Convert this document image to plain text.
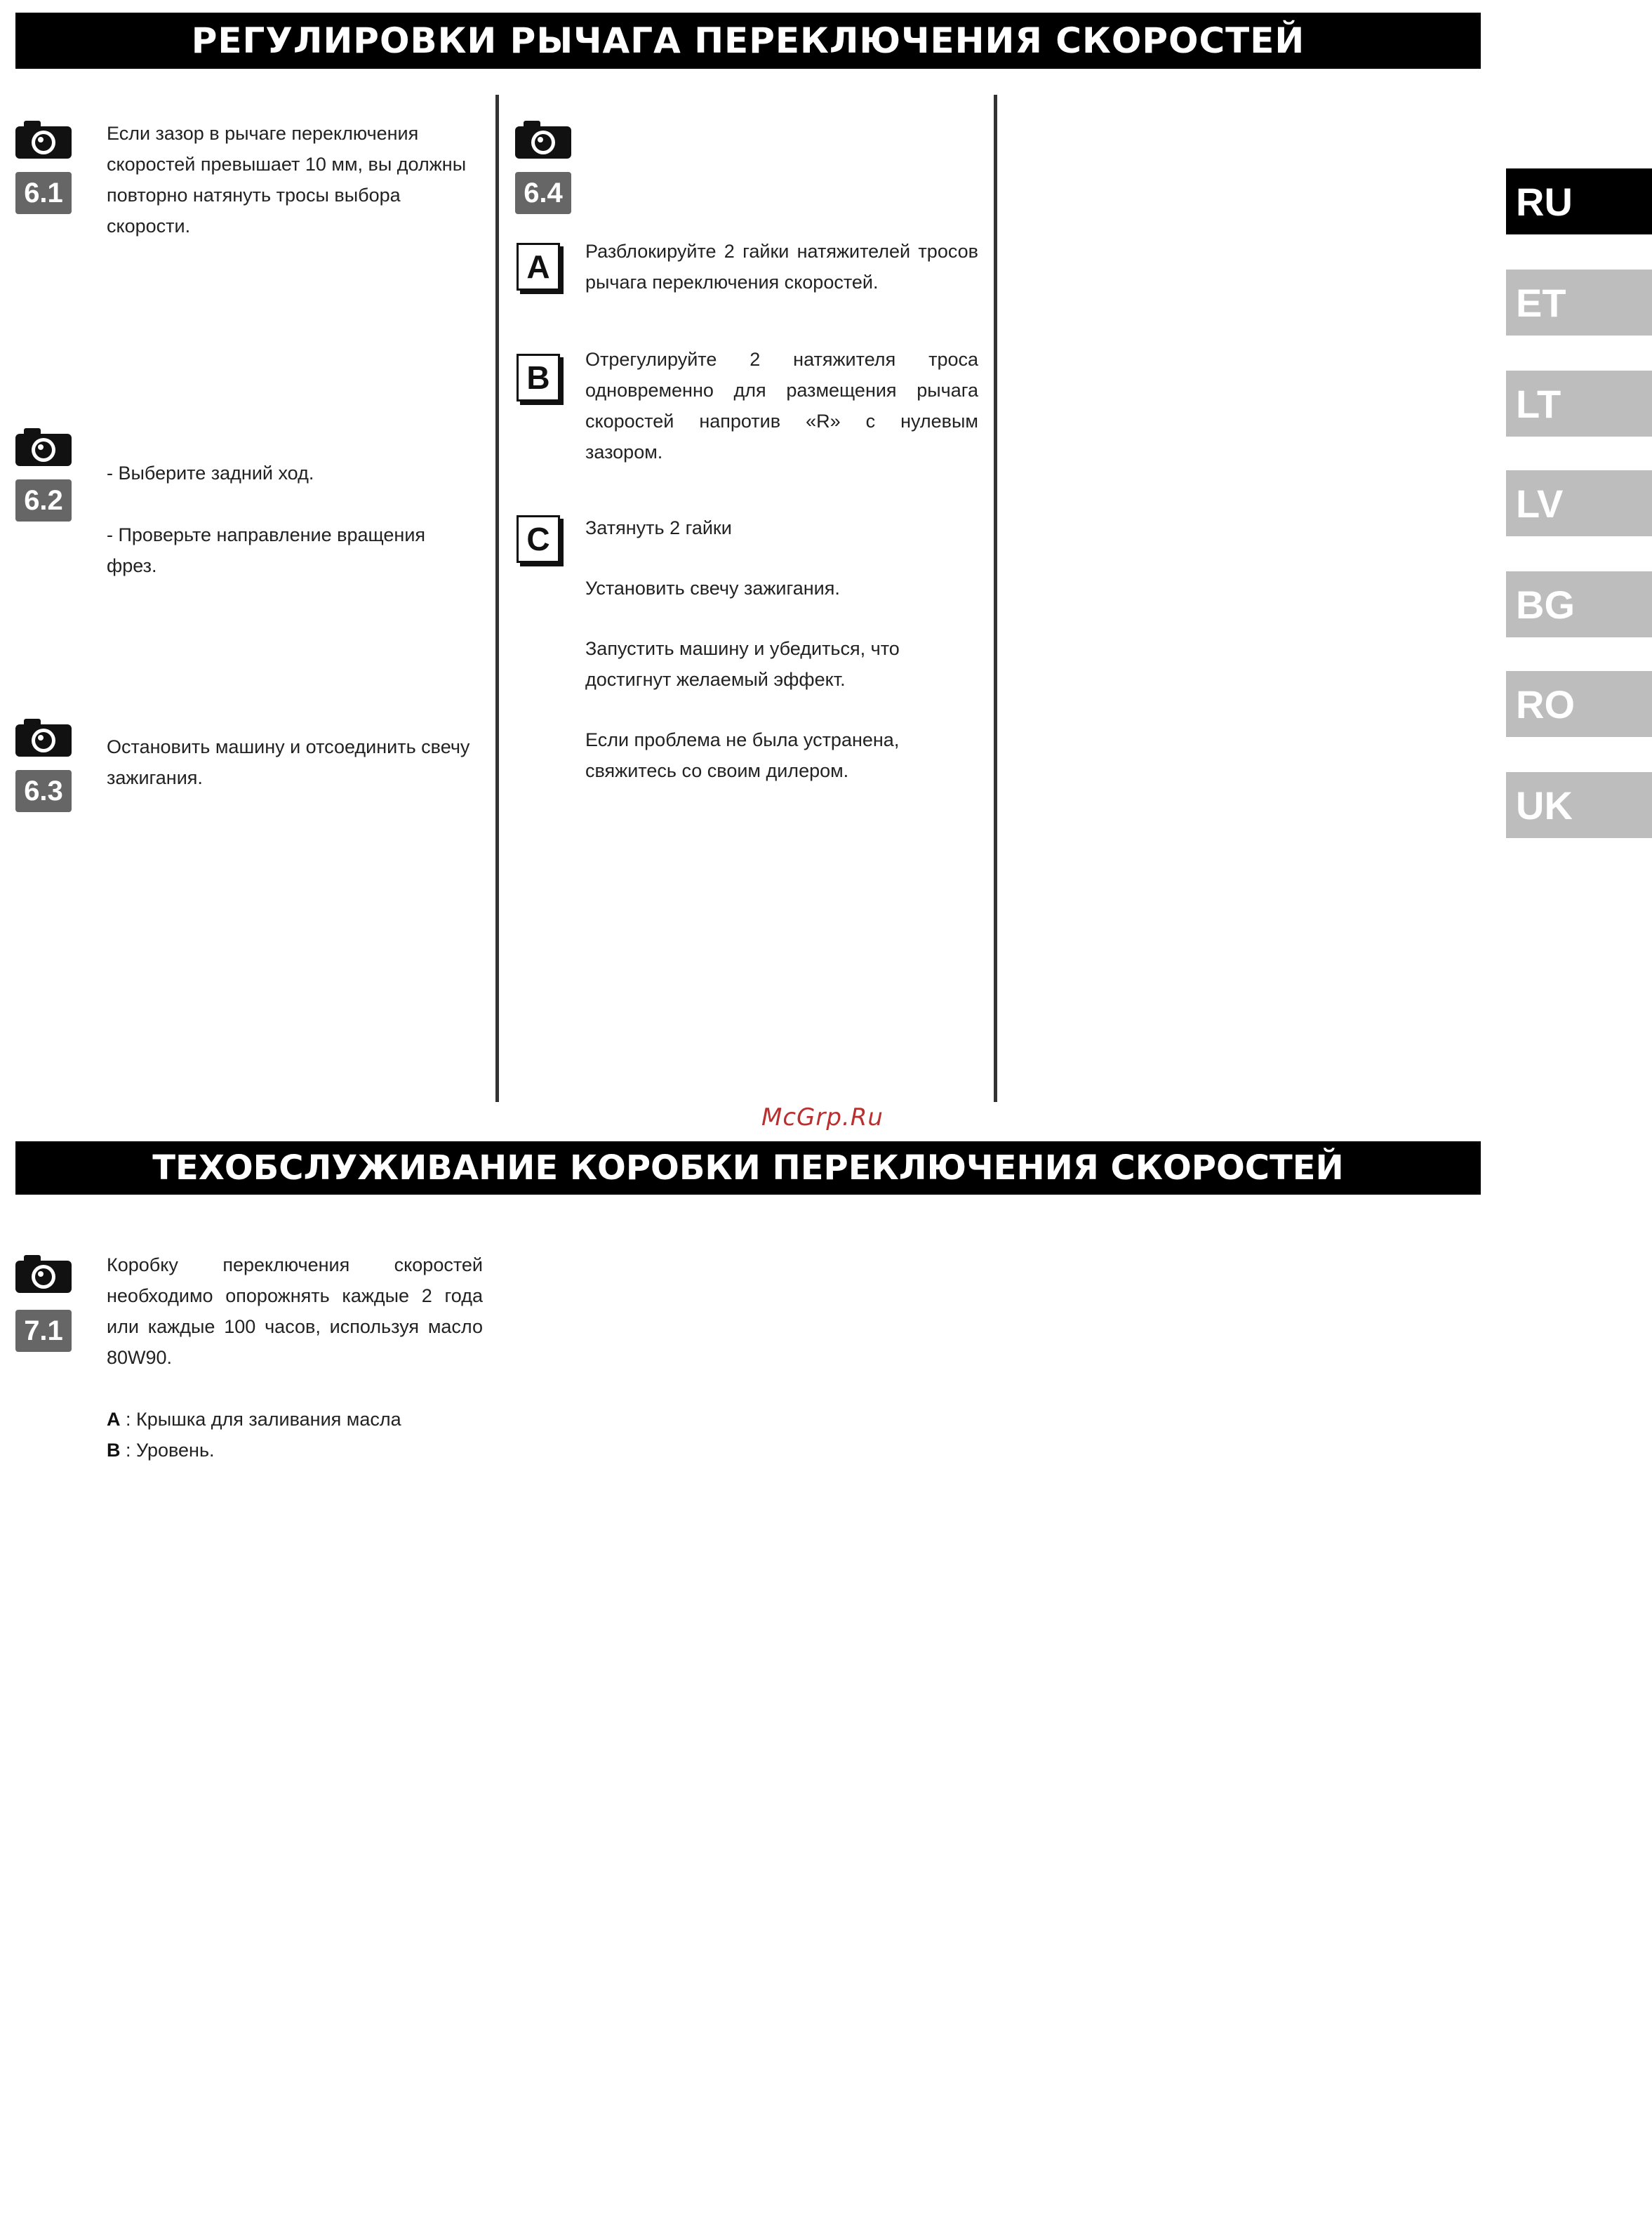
РЕГУЛИРОВКИ РЫЧАГА ПЕРЕКЛЮЧЕНИЯ СКОРОСТЕЙ
6.1
Если зазор в рычаге переключения скоростей превышает 10 мм, вы должны повторно натянуть тросы выбора скорости.
6.2

- Выберите задний ход.

- Проверьте направление вращения фрез.

6.3
Остановить машину и отсоединить свечу зажигания.
6.4
A	Разблокируйте 2 гайки натяжителей тросов рычага переключения скоростей.
B	Отрегулируйте 2 натяжителя троса одновременно для размещения рычага скоростей напротив «R» с нулевым зазором.
C	Затянуть 2 гайки
Установить свечу зажигания.
Запустить машину и убедиться, что достигнут желаемый эффект.
Если проблема не была устранена, свяжитесь со своим дилером.
McGrp.Ru
ТЕХОБСЛУЖИВАНИЕ КОРОБКИ ПЕРЕКЛЮЧЕНИЯ СКОРОСТЕЙ
7.1
Коробку переключения скоростей необходимо опорожнять каждые 2 года или каждые 100 часов, используя масло 80W90.
A : Крышка для заливания масла
B : Уровень.
RU
ET
LT
LV
BG
RO
UK
